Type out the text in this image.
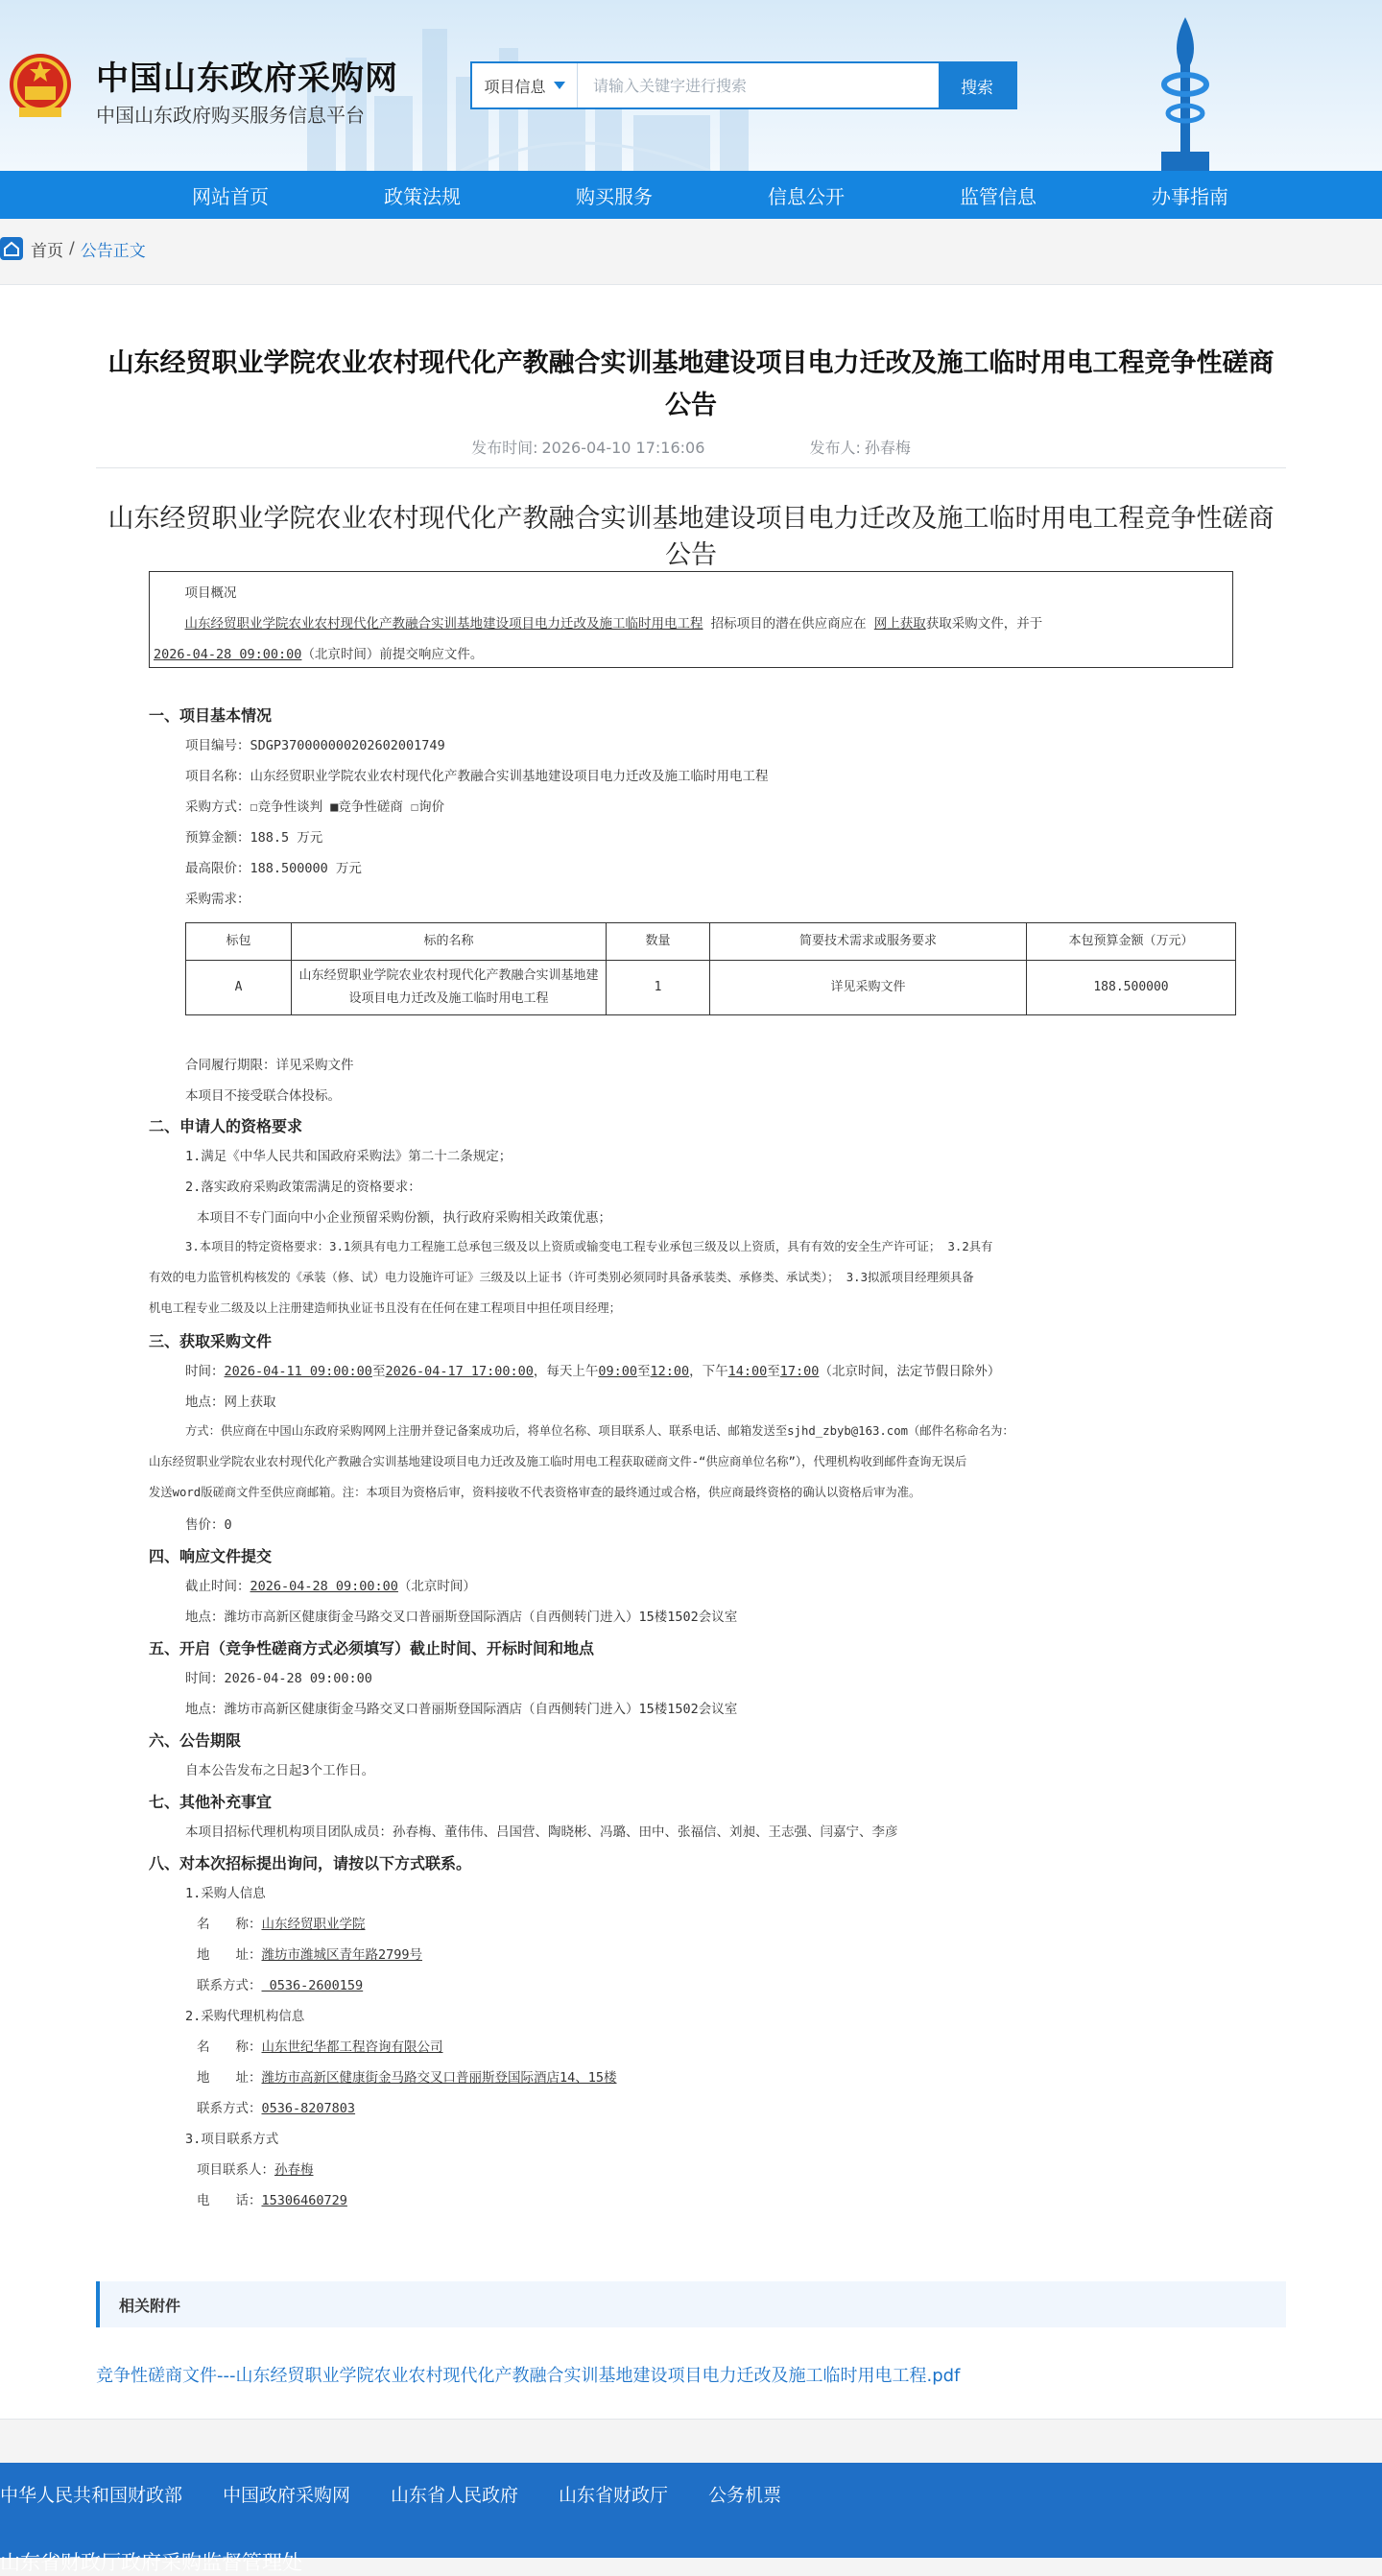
中国山东政府采购网
中国山东政府购买服务信息平台
项目信息
请输入关键字进行搜索	搜索
网站首页	政策法规	购买服务	信息公开	监管信息	办事指南
首页 / 公告正文
山东经贸职业学院农业农村现代化产教融合实训基地建设项目电力迁改及施工临时用电工程竞争性磋商公告
发布时间: 2026-04-10 17:16:06	发布人: 孙春梅
山东经贸职业学院农业农村现代化产教融合实训基地建设项目电力迁改及施工临时用电工程竞争性磋商公告

项目概况

山东经贸职业学院农业农村现代化产教融合实训基地建设项目电力迁改及施工临时用电工程 招标项目的潜在供应商应在 网上获取获取采购文件，并于

2026-04-28 09:00:00（北京时间）前提交响应文件。

一、项目基本情况
项目编号：SDGP370000000202602001749
项目名称：山东经贸职业学院农业农村现代化产教融合实训基地建设项目电力迁改及施工临时用电工程
采购方式：☐竞争性谈判 ■竞争性磋商 ☐询价
预算金额：188.5 万元
最高限价：188.500000 万元
采购需求：
标包	标的名称	数量	简要技术需求或服务要求	本包预算金额（万元）
A	山东经贸职业学院农业农村现代化产教融合实训基地建设项目电力迁改及施工临时用电工程	1	详见采购文件	188.500000
合同履行期限：详见采购文件
本项目不接受联合体投标。
二、申请人的资格要求
1.满足《中华人民共和国政府采购法》第二十二条规定；
2.落实政府采购政策需满足的资格要求：
本项目不专门面向中小企业预留采购份额，执行政府采购相关政策优惠；
3.本项目的特定资格要求：3.1须具有电力工程施工总承包三级及以上资质或输变电工程专业承包三级及以上资质，具有有效的安全生产许可证； 3.2具有
有效的电力监管机构核发的《承装（修、试）电力设施许可证》三级及以上证书（许可类别必须同时具备承装类、承修类、承试类）； 3.3拟派项目经理须具备
机电工程专业二级及以上注册建造师执业证书且没有在任何在建工程项目中担任项目经理；
三、获取采购文件
时间：2026-04-11 09:00:00至2026-04-17 17:00:00，每天上午09:00至12:00，下午14:00至17:00（北京时间，法定节假日除外）
地点：网上获取
方式：供应商在中国山东政府采购网网上注册并登记备案成功后，将单位名称、项目联系人、联系电话、邮箱发送至sjhd_zbyb@163.com（邮件名称命名为：
山东经贸职业学院农业农村现代化产教融合实训基地建设项目电力迁改及施工临时用电工程获取磋商文件-“供应商单位名称”），代理机构收到邮件查询无误后
发送word版磋商文件至供应商邮箱。注：本项目为资格后审，资料接收不代表资格审查的最终通过或合格，供应商最终资格的确认以资格后审为准。
售价：0
四、响应文件提交
截止时间：2026-04-28 09:00:00（北京时间）
地点：潍坊市高新区健康街金马路交叉口普丽斯登国际酒店（自西侧转门进入）15楼1502会议室
五、开启（竞争性磋商方式必须填写）截止时间、开标时间和地点
时间：2026-04-28 09:00:00
地点：潍坊市高新区健康街金马路交叉口普丽斯登国际酒店（自西侧转门进入）15楼1502会议室
六、公告期限
自本公告发布之日起3个工作日。
七、其他补充事宜
本项目招标代理机构项目团队成员：孙春梅、董伟伟、吕国营、陶晓彬、冯璐、田中、张福信、刘昶、王志强、闫嘉宁、李彦
八、对本次招标提出询问，请按以下方式联系。
1.采购人信息
名　　称：山东经贸职业学院
地　　址：潍坊市潍城区青年路2799号
联系方式： 0536-2600159
2.采购代理机构信息
名　　称：山东世纪华都工程咨询有限公司
地　　址：潍坊市高新区健康街金马路交叉口普丽斯登国际酒店14、15楼
联系方式：0536-8207803
3.项目联系方式
项目联系人：孙春梅
电　　话：15306460729
相关附件
竞争性磋商文件---山东经贸职业学院农业农村现代化产教融合实训基地建设项目电力迁改及施工临时用电工程.pdf
中华人民共和国财政部 中国政府采购网 山东省人民政府 山东省财政厅 公务机票
山东省财政厅政府采购监督管理处
